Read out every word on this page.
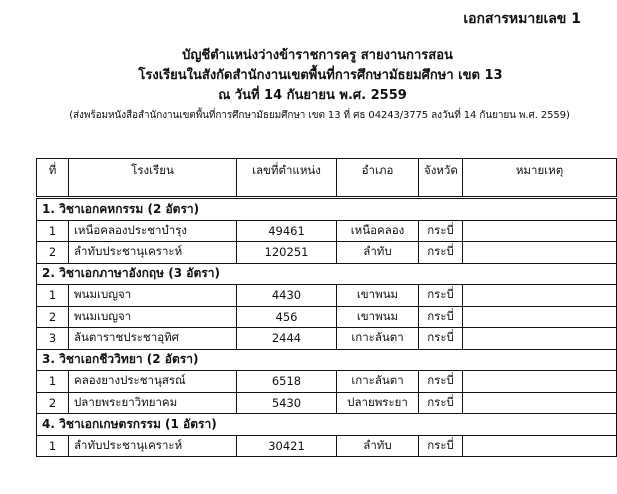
เอกสารหมายเลข 1
บัญชีตำแหน่งว่างข้าราชการครู สายงานการสอน
โรงเรียนในสังกัดสำนักงานเขตพื้นที่การศึกษามัธยมศึกษา เขต 13
ณ วันที่ 14 กันยายน พ.ศ. 2559
(ส่งพร้อมหนังสือสำนักงานเขตพื้นที่การศึกษามัธยมศึกษา เขต 13 ที่ ศธ 04243/3775 ลงวันที่ 14 กันยายน พ.ศ. 2559)
ที่	โรงเรียน	เลขที่ตำแหน่ง	อำเภอ	จังหวัด	หมายเหตุ
1. วิชาเอกคหกรรม (2 อัตรา)					
1	เหนือคลองประชาบำรุง	49461	เหนือคลอง	กระบี่	
2	ลำทับประชานุเคราะห์	120251	ลำทับ	กระบี่	
2. วิชาเอกภาษาอังกฤษ (3 อัตรา)					
1	พนมเบญจา	4430	เขาพนม	กระบี่	
2	พนมเบญจา	456	เขาพนม	กระบี่	
3	ลันตาราชประชาอุทิศ	2444	เกาะลันตา	กระบี่	
3. วิชาเอกชีววิทยา (2 อัตรา)					
1	คลองยางประชานุสรณ์	6518	เกาะลันตา	กระบี่	
2	ปลายพระยาวิทยาคม	5430	ปลายพระยา	กระบี่	
4. วิชาเอกเกษตรกรรม (1 อัตรา)					
1	ลำทับประชานุเคราะห์	30421	ลำทับ	กระบี่	
